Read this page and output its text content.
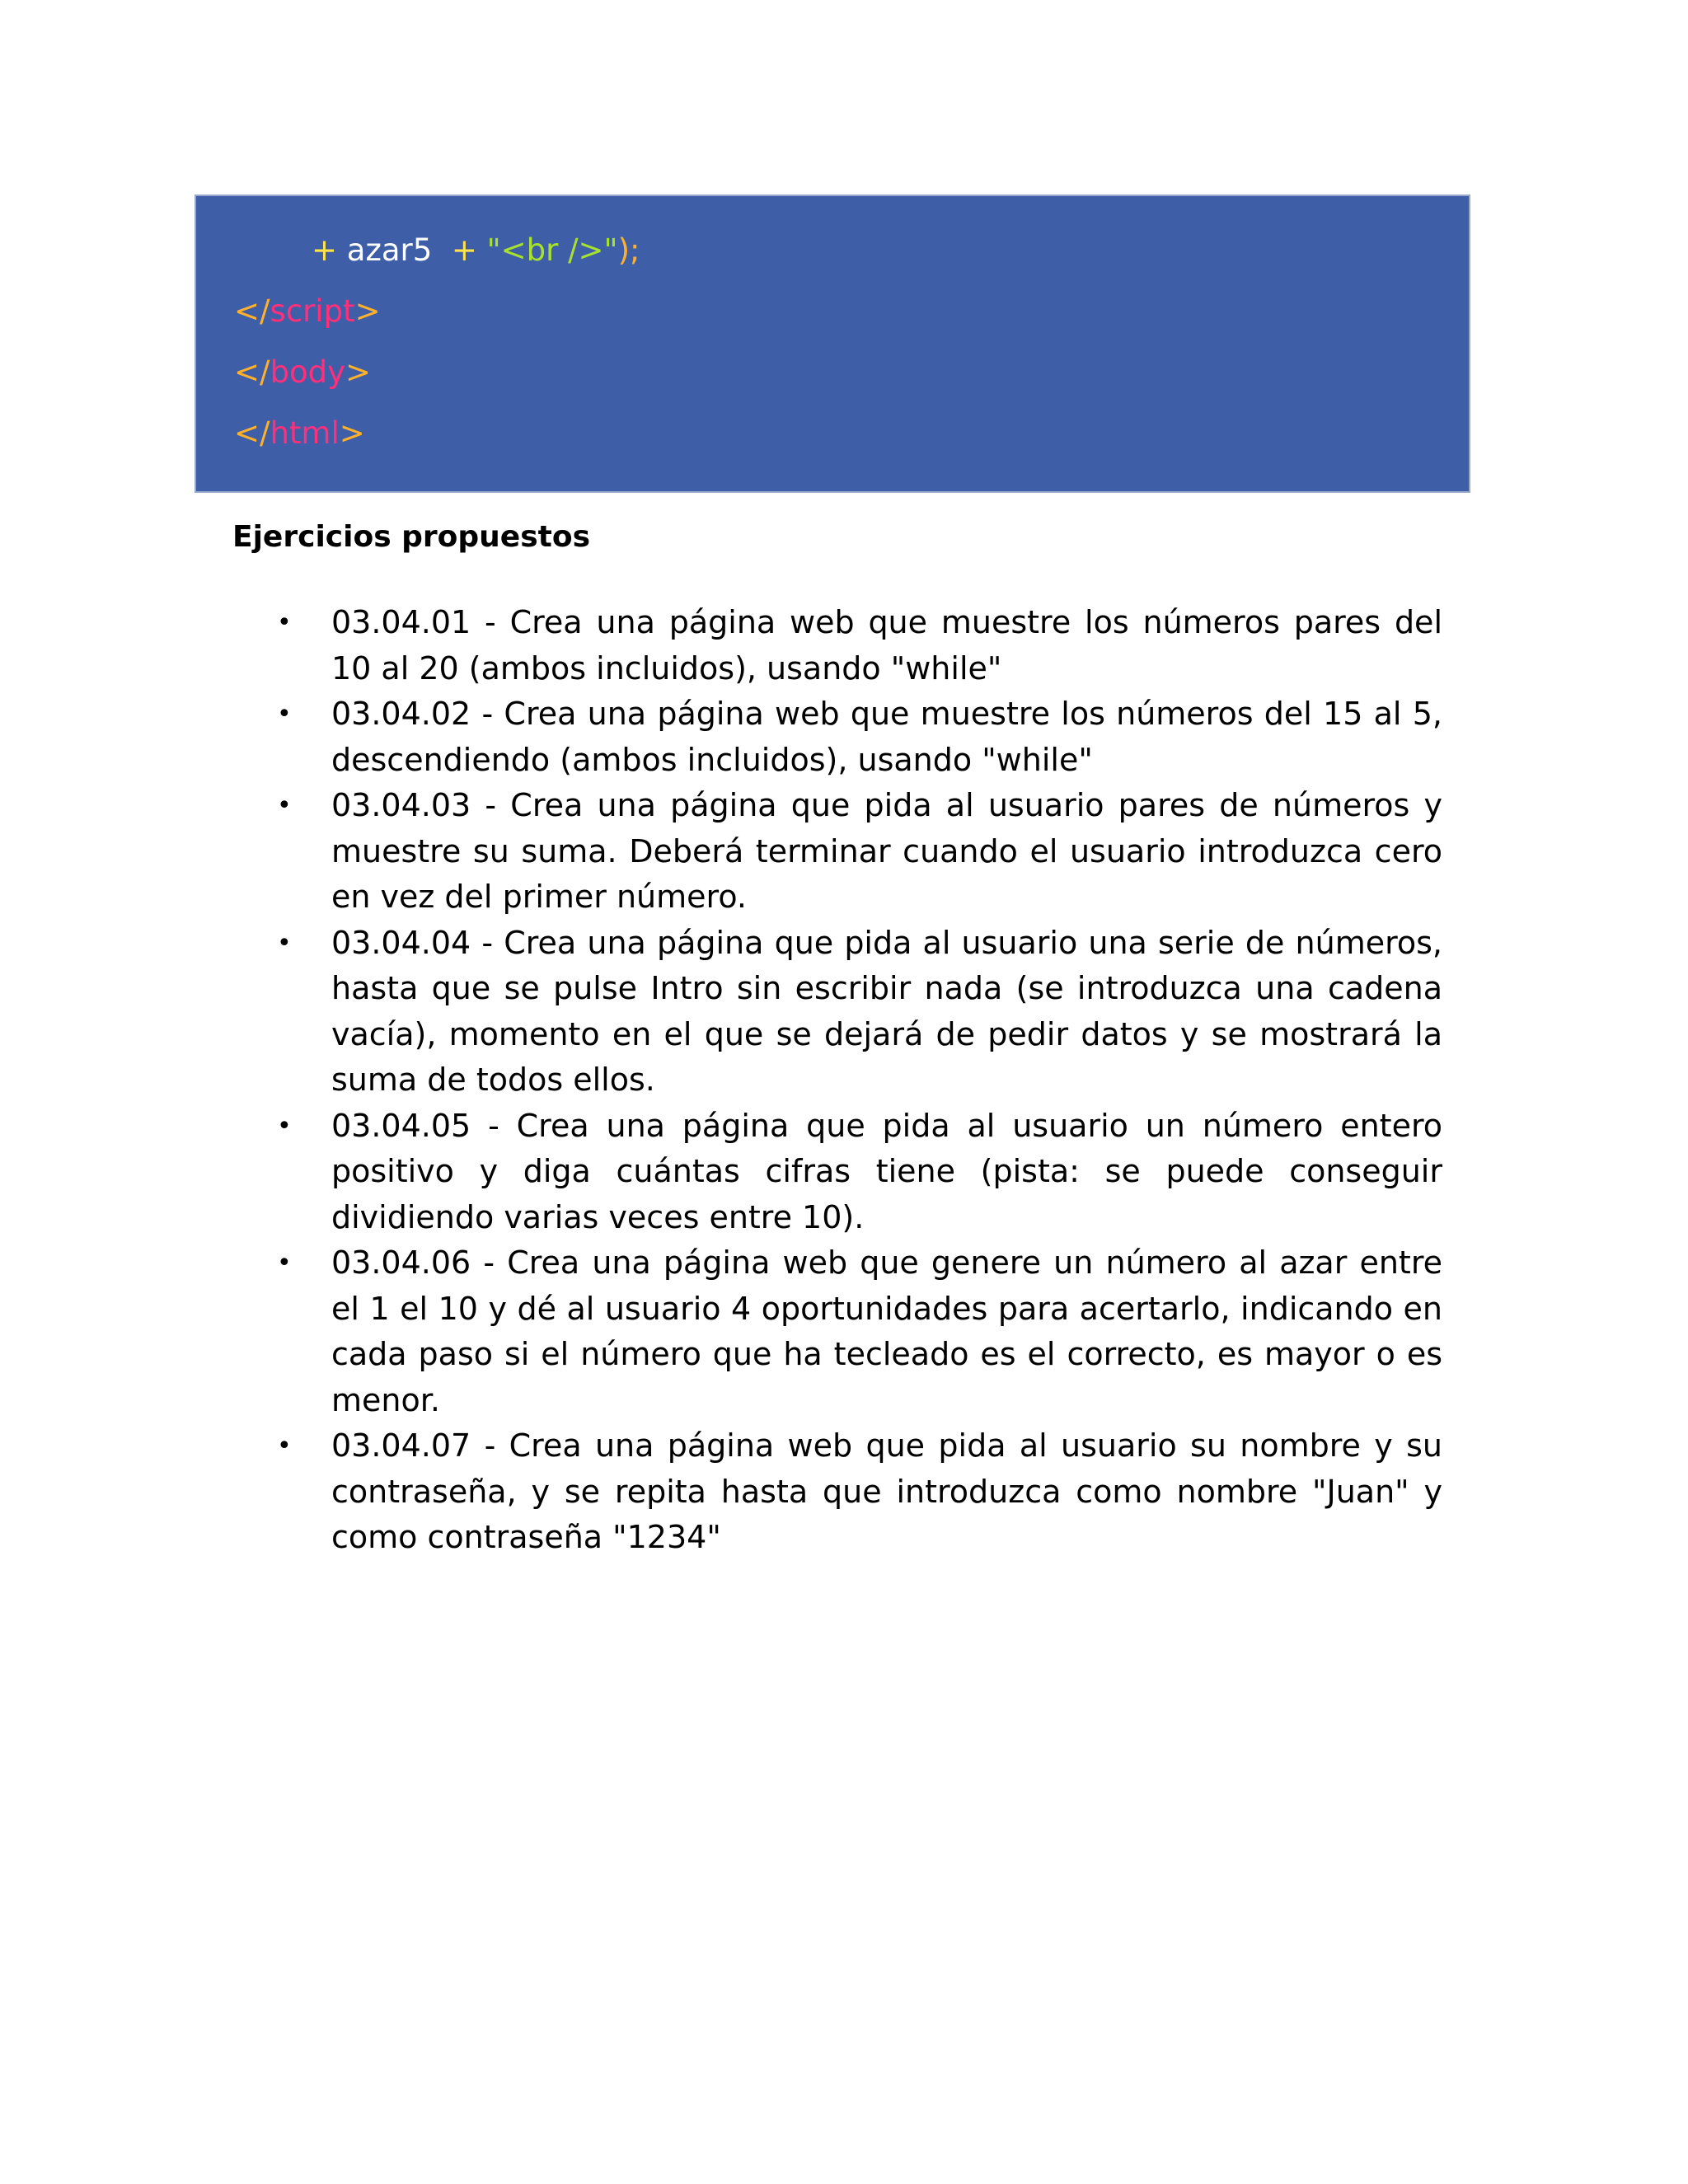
+ azar5  + "<br />");
</script>
</body>
</html>
Ejercicios propuestos
• 03.04.01 - Crea una página web que muestre los números pares del 10 al 20 (ambos incluidos), usando "while"
• 03.04.02 - Crea una página web que muestre los números del 15 al 5, descendiendo (ambos incluidos), usando "while"
• 03.04.03 - Crea una página que pida al usuario pares de números y muestre su suma. Deberá terminar cuando el usuario introduzca cero en vez del primer número.
• 03.04.04 - Crea una página que pida al usuario una serie de números, hasta que se pulse Intro sin escribir nada (se introduzca una cadena vacía), momento en el que se dejará de pedir datos y se mostrará la suma de todos ellos.
• 03.04.05 - Crea una página que pida al usuario un número entero positivo y diga cuántas cifras tiene (pista: se puede conseguir dividiendo varias veces entre 10).
• 03.04.06 - Crea una página web que genere un número al azar entre el 1 el 10 y dé al usuario 4 oportunidades para acertarlo, indicando en cada paso si el número que ha tecleado es el correcto, es mayor o es menor.
• 03.04.07 - Crea una página web que pida al usuario su nombre y su contraseña, y se repita hasta que introduzca como nombre "Juan" y como contraseña "1234"
